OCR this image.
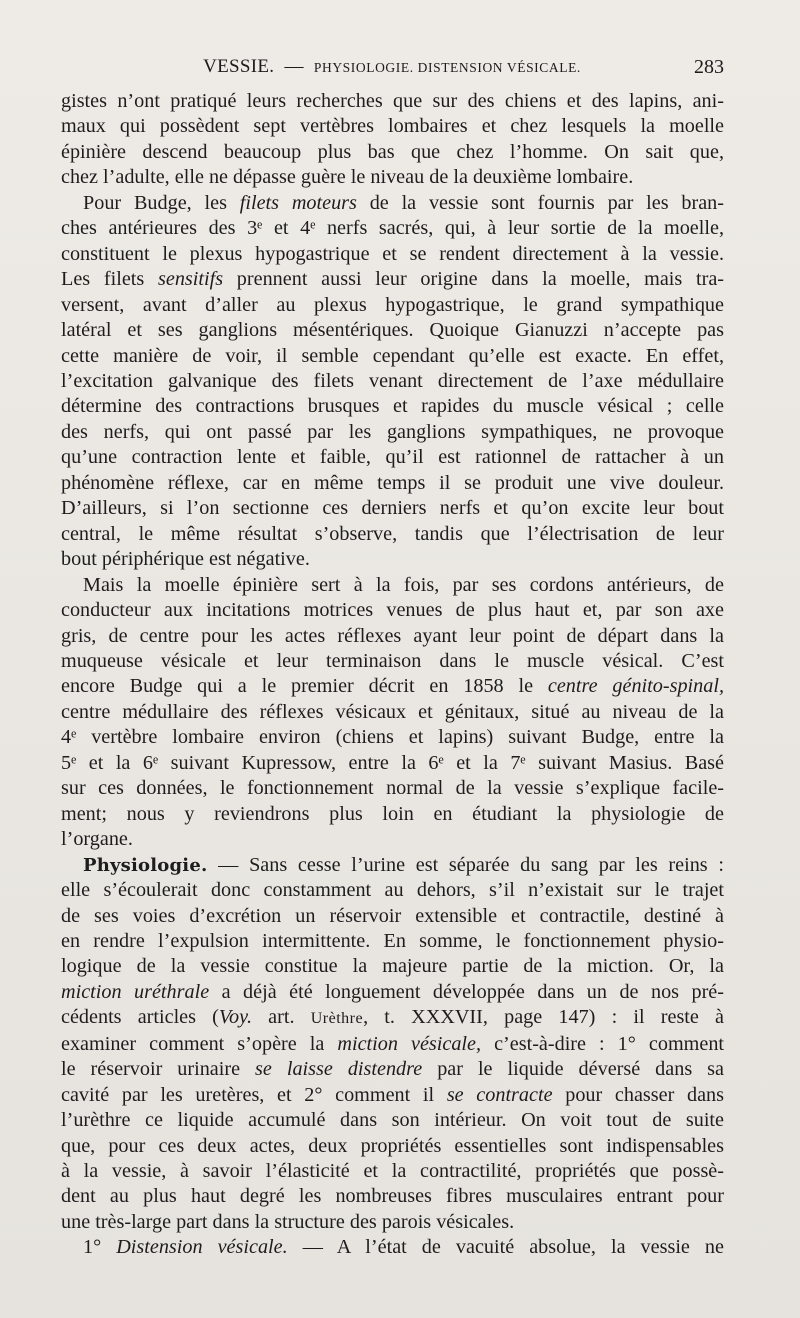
VESSIE. — PHYSIOLOGIE. DISTENSION VÉSICALE.	283
gistes n’ont pratiqué leurs recherches que sur des chiens et des lapins, ani-
maux qui possèdent sept vertèbres lombaires et chez lesquels la moelle
épinière descend beaucoup plus bas que chez l’homme. On sait que,
chez l’adulte, elle ne dépasse guère le niveau de la deuxième lombaire.
Pour Budge, les filets moteurs de la vessie sont fournis par les bran-
ches antérieures des 3ᵉ et 4ᵉ nerfs sacrés, qui, à leur sortie de la moelle,
constituent le plexus hypogastrique et se rendent directement à la vessie.
Les filets sensitifs prennent aussi leur origine dans la moelle, mais tra-
versent, avant d’aller au plexus hypogastrique, le grand sympathique
latéral et ses ganglions mésentériques. Quoique Gianuzzi n’accepte pas
cette manière de voir, il semble cependant qu’elle est exacte. En effet,
l’excitation galvanique des filets venant directement de l’axe médullaire
détermine des contractions brusques et rapides du muscle vésical ; celle
des nerfs, qui ont passé par les ganglions sympathiques, ne provoque
qu’une contraction lente et faible, qu’il est rationnel de rattacher à un
phénomène réflexe, car en même temps il se produit une vive douleur.
D’ailleurs, si l’on sectionne ces derniers nerfs et qu’on excite leur bout
central, le même résultat s’observe, tandis que l’électrisation de leur
bout périphérique est négative.
Mais la moelle épinière sert à la fois, par ses cordons antérieurs, de
conducteur aux incitations motrices venues de plus haut et, par son axe
gris, de centre pour les actes réflexes ayant leur point de départ dans la
muqueuse vésicale et leur terminaison dans le muscle vésical. C’est
encore Budge qui a le premier décrit en 1858 le centre génito-spinal,
centre médullaire des réflexes vésicaux et génitaux, situé au niveau de la
4ᵉ vertèbre lombaire environ (chiens et lapins) suivant Budge, entre la
5ᵉ et la 6ᵉ suivant Kupressow, entre la 6ᵉ et la 7ᵉ suivant Masius. Basé
sur ces données, le fonctionnement normal de la vessie s’explique facile-
ment; nous y reviendrons plus loin en étudiant la physiologie de
l’organe.
Physiologie. — Sans cesse l’urine est séparée du sang par les reins :
elle s’écoulerait donc constamment au dehors, s’il n’existait sur le trajet
de ses voies d’excrétion un réservoir extensible et contractile, destiné à
en rendre l’expulsion intermittente. En somme, le fonctionnement physio-
logique de la vessie constitue la majeure partie de la miction. Or, la
miction uréthrale a déjà été longuement développée dans un de nos pré-
cédents articles (Voy. art. Urèthre, t. XXXVII, page 147) : il reste à
examiner comment s’opère la miction vésicale, c’est-à-dire : 1° comment
le réservoir urinaire se laisse distendre par le liquide déversé dans sa
cavité par les uretères, et 2° comment il se contracte pour chasser dans
l’urèthre ce liquide accumulé dans son intérieur. On voit tout de suite
que, pour ces deux actes, deux propriétés essentielles sont indispensables
à la vessie, à savoir l’élasticité et la contractilité, propriétés que possè-
dent au plus haut degré les nombreuses fibres musculaires entrant pour
une très-large part dans la structure des parois vésicales.
1° Distension vésicale. — A l’état de vacuité absolue, la vessie ne
